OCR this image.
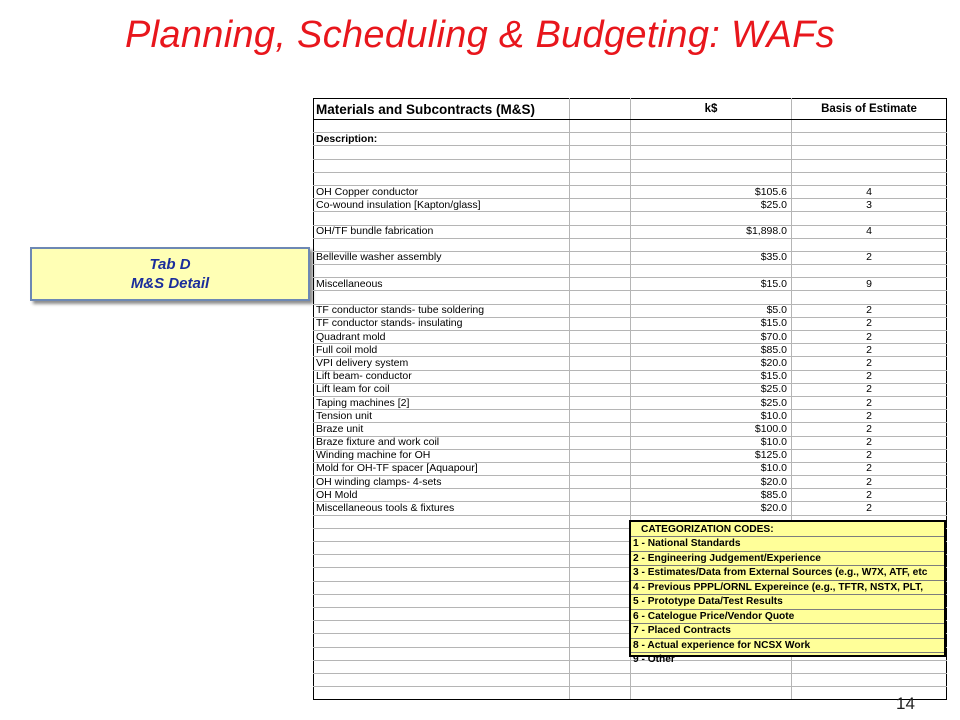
Planning, Scheduling & Budgeting: WAFs
Tab D
M&S Detail
Materials and Subcontracts (M&S)		k$	Basis of Estimate

Description:			

OH Copper conductor		$105.6	4
Co-wound insulation [Kapton/glass]		$25.0	3

OH/TF bundle fabrication		$1,898.0	4

Belleville washer assembly		$35.0	2

Miscellaneous		$15.0	9

TF conductor stands- tube soldering		$5.0	2
TF conductor stands- insulating		$15.0	2
Quadrant mold		$70.0	2
Full coil mold		$85.0	2
VPI delivery system		$20.0	2
Lift beam- conductor		$15.0	2
Lift leam for coil		$25.0	2
Taping machines [2]		$25.0	2
Tension unit		$10.0	2
Braze unit		$100.0	2
Braze fixture and work coil		$10.0	2
Winding machine for OH		$125.0	2
Mold for OH-TF spacer [Aquapour]		$10.0	2
OH winding clamps- 4-sets		$20.0	2
OH Mold		$85.0	2
Miscellaneous tools & fixtures		$20.0	2

CATEGORIZATION CODES:
1 - National Standards
2 - Engineering Judgement/Experience
3 - Estimates/Data from External Sources (e.g., W7X, ATF, etc
4 - Previous PPPL/ORNL Expereince (e.g., TFTR, NSTX, PLT,
5 - Prototype Data/Test Results
6 - Catelogue Price/Vendor Quote
7 - Placed Contracts
8 - Actual experience for NCSX Work
9 - Other
14
